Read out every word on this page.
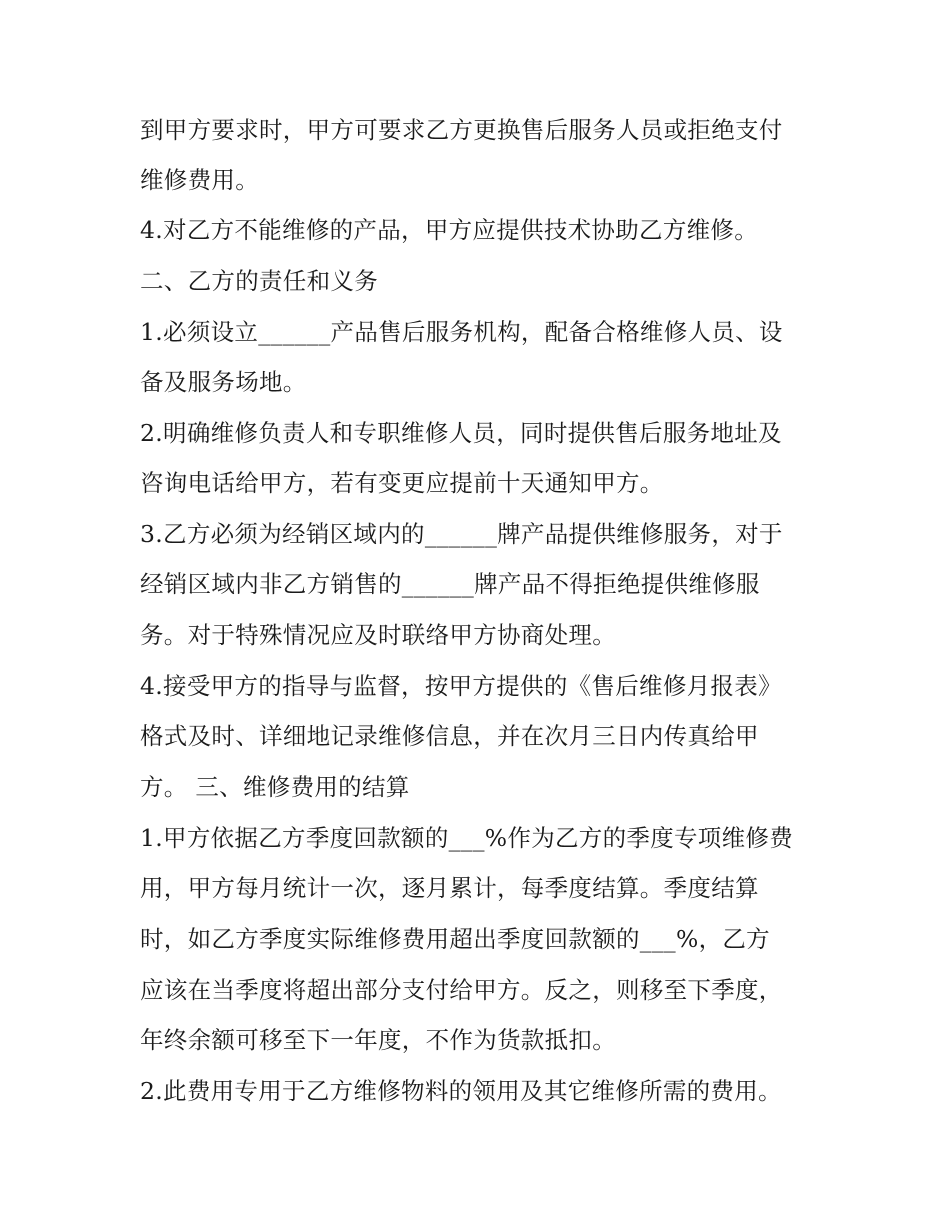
到甲方要求时，甲方可要求乙方更换售后服务人员或拒绝支付
维修费用。
4.对乙方不能维修的产品，甲方应提供技术协助乙方维修。
二、乙方的责任和义务
1.必须设立______产品售后服务机构，配备合格维修人员、设
备及服务场地。
2.明确维修负责人和专职维修人员，同时提供售后服务地址及
咨询电话给甲方，若有变更应提前十天通知甲方。
3.乙方必须为经销区域内的______牌产品提供维修服务，对于
经销区域内非乙方销售的______牌产品不得拒绝提供维修服
务。对于特殊情况应及时联络甲方协商处理。
4.接受甲方的指导与监督，按甲方提供的《售后维修月报表》
格式及时、详细地记录维修信息，并在次月三日内传真给甲
方。 三、维修费用的结算
1.甲方依据乙方季度回款额的___%作为乙方的季度专项维修费
用，甲方每月统计一次，逐月累计，每季度结算。季度结算
时，如乙方季度实际维修费用超出季度回款额的___%，乙方
应该在当季度将超出部分支付给甲方。反之，则移至下季度，
年终余额可移至下一年度，不作为货款抵扣。
2.此费用专用于乙方维修物料的领用及其它维修所需的费用。
